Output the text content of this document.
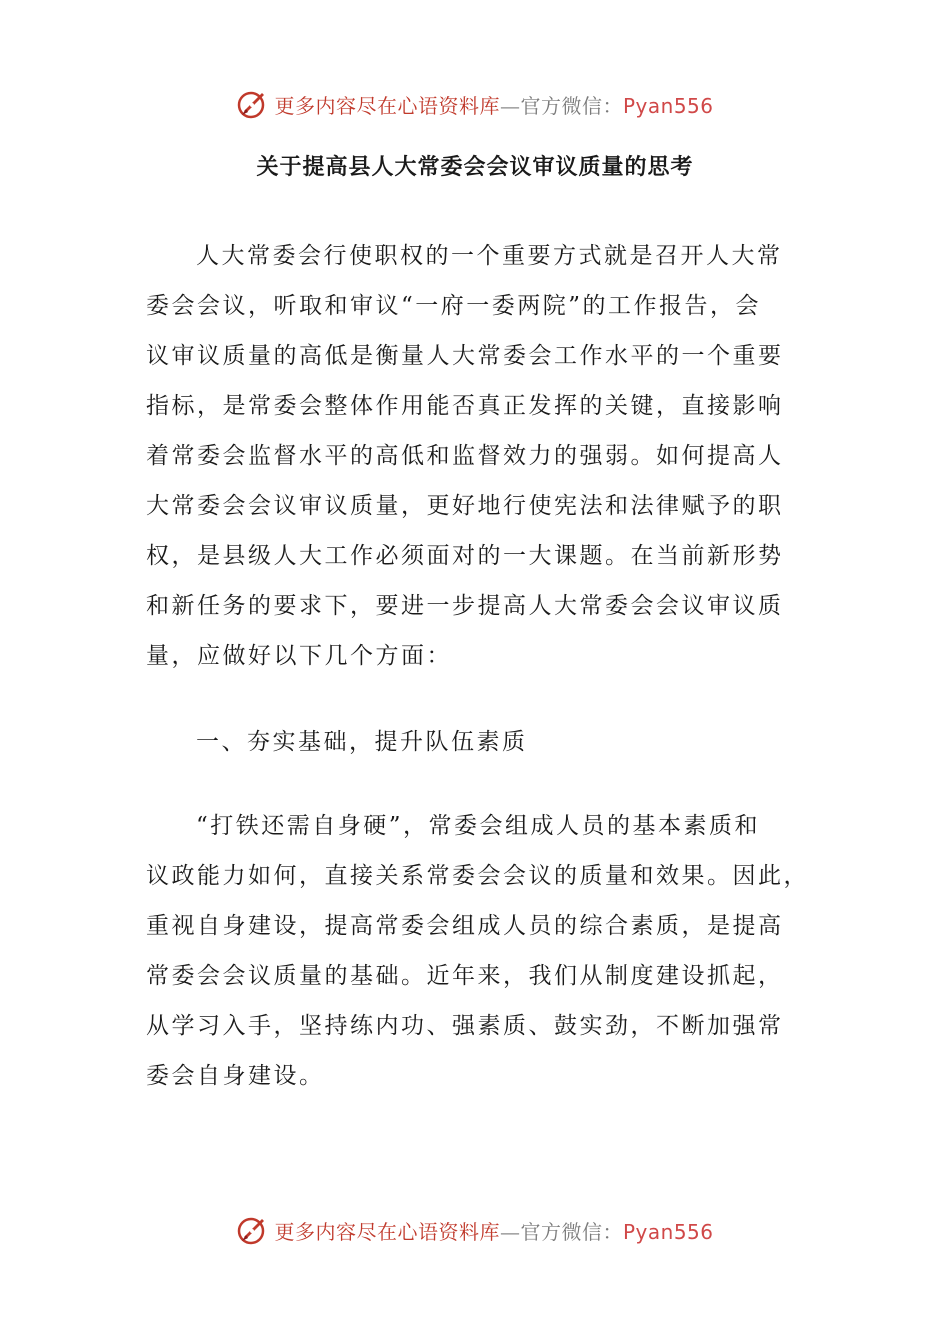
更多内容尽在心语资料库—官方微信：Pyan556
关于提高县人大常委会会议审议质量的思考
人大常委会行使职权的一个重要方式就是召开人大常
委会会议，听取和审议“一府一委两院”的工作报告，会
议审议质量的高低是衡量人大常委会工作水平的一个重要
指标，是常委会整体作用能否真正发挥的关键，直接影响
着常委会监督水平的高低和监督效力的强弱。如何提高人
大常委会会议审议质量，更好地行使宪法和法律赋予的职
权，是县级人大工作必须面对的一大课题。在当前新形势
和新任务的要求下，要进一步提高人大常委会会议审议质
量，应做好以下几个方面：
一、夯实基础，提升队伍素质
“打铁还需自身硬”，常委会组成人员的基本素质和
议政能力如何，直接关系常委会会议的质量和效果。因此，
重视自身建设，提高常委会组成人员的综合素质，是提高
常委会会议质量的基础。近年来，我们从制度建设抓起，
从学习入手，坚持练内功、强素质、鼓实劲，不断加强常
委会自身建设。
更多内容尽在心语资料库—官方微信：Pyan556
